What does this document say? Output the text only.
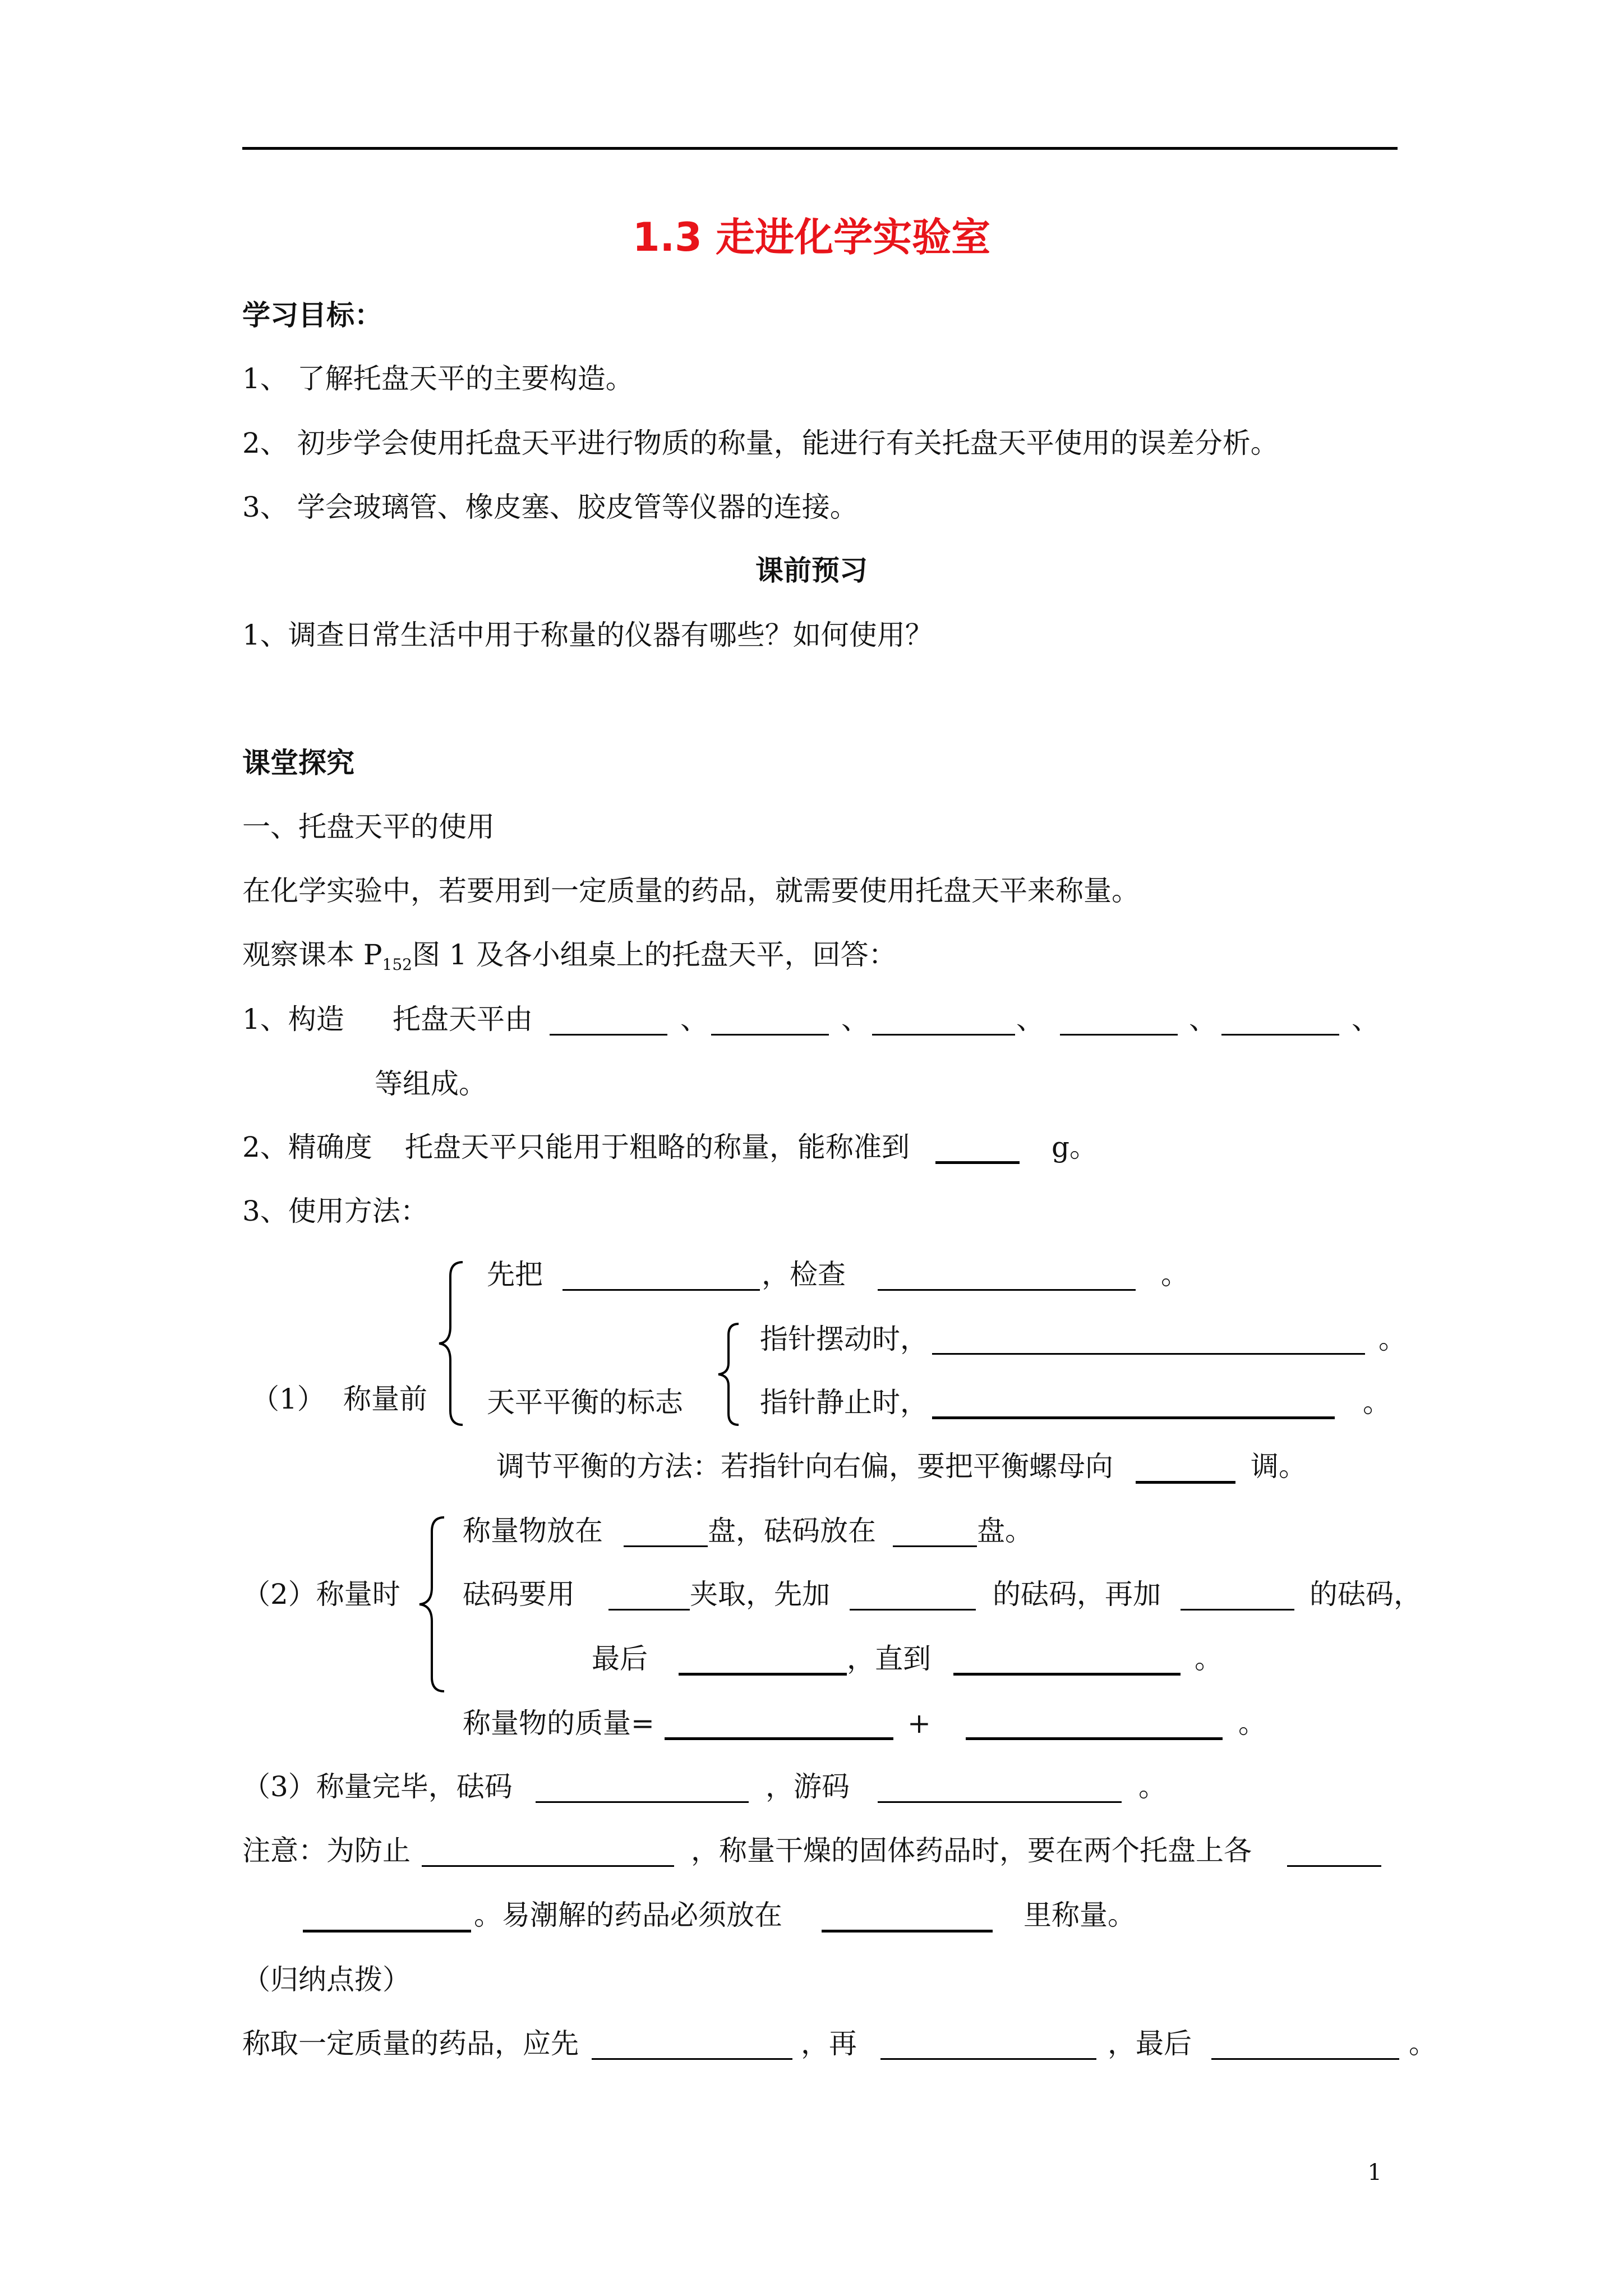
1.3 走进化学实验室
学习目标：
1、 了解托盘天平的主要构造。
2、 初步学会使用托盘天平进行物质的称量，能进行有关托盘天平使用的误差分析。
3、 学会玻璃管、橡皮塞、胶皮管等仪器的连接。
课前预习
1、调查日常生活中用于称量的仪器有哪些？如何使用？
课堂探究
一、托盘天平的使用
在化学实验中，若要用到一定质量的药品，就需要使用托盘天平来称量。
观察课本 $P_{152}$图 1 及各小组桌上的托盘天平，回答：
1、构造 托盘天平由	、	、	、	、	、
等组成。
2、精确度 托盘天平只能用于粗略的称量，能称准到	g。
3、使用方法：
（1） 称量前
先把	，检查	。
天平平衡的标志
指针摆动时，	。
指针静止时，	。
调节平衡的方法：若指针向右偏，要把平衡螺母向	调。
（2）称量时
称量物放在	盘，砝码放在	盘。
砝码要用	夹取，先加	的砝码，再加	的砝码，
最后	，直到	。
称量物的质量=	+	。
（3）称量完毕，砝码	，游码	。
注意：为防止	，称量干燥的固体药品时，要在两个托盘上各
。易潮解的药品必须放在	里称量。
（归纳点拨）
称取一定质量的药品，应先	，再	，最后	。
1
